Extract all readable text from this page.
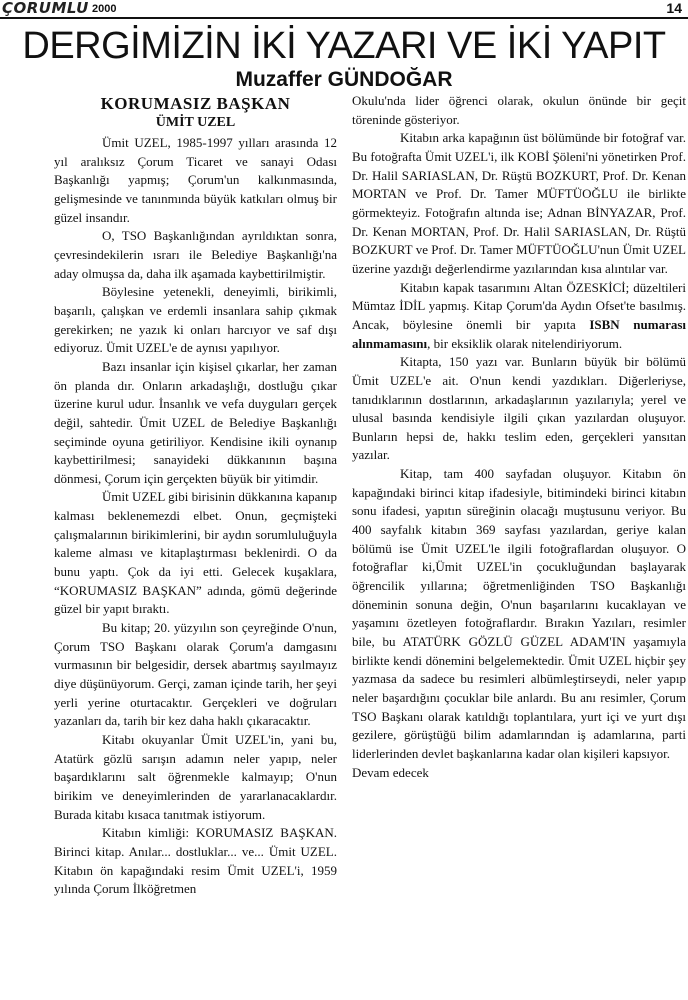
ÇORUMLU 2000	14
DERGİMİZİN İKİ YAZARI VE İKİ YAPIT
Muzaffer GÜNDOĞAR
KORUMASIZ BAŞKAN
ÜMİT UZEL

Ümit UZEL, 1985-1997 yılları arasında 12 yıl aralıksız Çorum Ticaret ve sanayi Odası Başkanlığı yapmış; Çorum'un kalkınmasında, gelişmesinde ve tanınmında büyük katkıları olmuş bir güzel insandır.

O, TSO Başkanlığından ayrıldıktan sonra, çevresindekilerin ısrarı ile Belediye Başkanlığı'na aday olmuşsa da, daha ilk aşamada kaybettirilmiştir.

Böylesine yetenekli, deneyimli, birikimli, başarılı, çalışkan ve erdemli insanlara sahip çıkmak gerekirken; ne yazık ki onları harcıyor ve saf dışı ediyoruz. Ümit UZEL'e de aynısı yapılıyor.

Bazı insanlar için kişisel çıkarlar, her zaman ön planda dır. Onların arkadaşlığı, dostluğu çıkar üzerine kurul udur. İnsanlık ve vefa duyguları gerçek değil, sahtedir. Ümit UZEL de Belediye Başkanlığı seçiminde oyuna getiriliyor. Kendisine ikili oynanıp kaybettirilmesi; sanayideki dükkanının başına dönmesi, Çorum için gerçekten büyük bir yitimdir.

Ümit UZEL gibi birisinin dükkanına kapanıp kalması beklenemezdi elbet. Onun, geçmişteki çalışmalarının birikimlerini, bir aydın sorumluluğuyla kaleme alması ve kitaplaştırması beklenirdi. O da bunu yaptı. Çok da iyi etti. Gelecek kuşaklara, “KORUMASIZ BAŞKAN” adında, gömü değerinde güzel bir yapıt bıraktı.

Bu kitap; 20. yüzyılın son çeyreğinde O'nun, Çorum TSO Başkanı olarak Çorum'a damgasını vurmasının bir belgesidir, dersek abartmış sayılmayız diye düşünüyorum. Gerçi, zaman içinde tarih, her şeyi yerli yerine oturtacaktır. Gerçekleri ve doğruları yazanları da, tarih bir kez daha haklı çıkaracaktır.

Kitabı okuyanlar Ümit UZEL'in, yani bu, Atatürk gözlü sarışın adamın neler yapıp, neler başardıklarını salt öğrenmekle kalmayıp; O'nun birikim ve deneyimlerinden de yararlanacaklardır. Burada kitabı kısaca tanıtmak istiyorum.

Kitabın kimliği: KORUMASIZ BAŞKAN. Birinci kitap. Anılar... dostluklar... ve... Ümit UZEL. Kitabın ön kapağındaki resim Ümit UZEL'i, 1959 yılında Çorum İlköğretmen

Okulu'nda lider öğrenci olarak, okulun önünde bir geçit töreninde gösteriyor.

Kitabın arka kapağının üst bölümünde bir fotoğraf var. Bu fotoğrafta Ümit UZEL'i, ilk KOBİ Şöleni'ni yönetirken Prof. Dr. Halil SARIASLAN, Dr. Rüştü BOZKURT, Prof. Dr. Kenan MORTAN ve Prof. Dr. Tamer MÜFTÜOĞLU ile birlikte görmekteyiz. Fotoğrafın altında ise; Adnan BİNYAZAR, Prof. Dr. Kenan MORTAN, Prof. Dr. Halil SARIASLAN, Dr. Rüştü BOZKURT ve Prof. Dr. Tamer MÜFTÜOĞLU'nun Ümit UZEL üzerine yazdığı değerlendirme yazılarından kısa alıntılar var.

Kitabın kapak tasarımını Altan ÖZESKİCİ; düzeltileri Mümtaz İDİL yapmış. Kitap Çorum'da Aydın Ofset'te basılmış. Ancak, böylesine önemli bir yapıta ISBN numarası alınmamasını, bir eksiklik olarak nitelendiriyorum.

Kitapta, 150 yazı var. Bunların büyük bir bölümü Ümit UZEL'e ait. O'nun kendi yazdıkları. Diğerleriyse, tanıdıklarının dostlarının, arkadaşlarının yazılarıyla; yerel ve ulusal basında kendisiyle ilgili çıkan yazılardan oluşuyor. Bunların hepsi de, hakkı teslim eden, gerçekleri yansıtan yazılar.

Kitap, tam 400 sayfadan oluşuyor. Kitabın ön kapağındaki birinci kitap ifadesiyle, bitimindeki birinci kitabın sonu ifadesi, yapıtın süreğinin olacağı muştusunu veriyor. Bu 400 sayfalık kitabın 369 sayfası yazılardan, geriye kalan bölümü ise Ümit UZEL'le ilgili fotoğraflardan oluşuyor. O fotoğraflar ki,Ümit UZEL'in çocukluğundan başlayarak öğrencilik yıllarına; öğretmenliğinden TSO Başkanlığı döneminin sonuna değin, O'nun başarılarını kucaklayan ve yaşamını özetleyen fotoğraflardır. Bırakın Yazıları, resimler bile, bu ATATÜRK GÖZLÜ GÜZEL ADAM'IN yaşamıyla birlikte kendi dönemini belgelemektedir. Ümit UZEL hiçbir şey yazmasa da sadece bu resimleri albümleştirseydi, neler yapıp neler başardığını çocuklar bile anlardı. Bu anı resimler, Çorum TSO Başkanı olarak katıldığı toplantılara, yurt içi ve yurt dışı gezilere, görüştüğü bilim adamlarından iş adamlarına, parti liderlerinden devlet başkanlarına kadar olan kişileri kapsıyor.

Devam edecek
